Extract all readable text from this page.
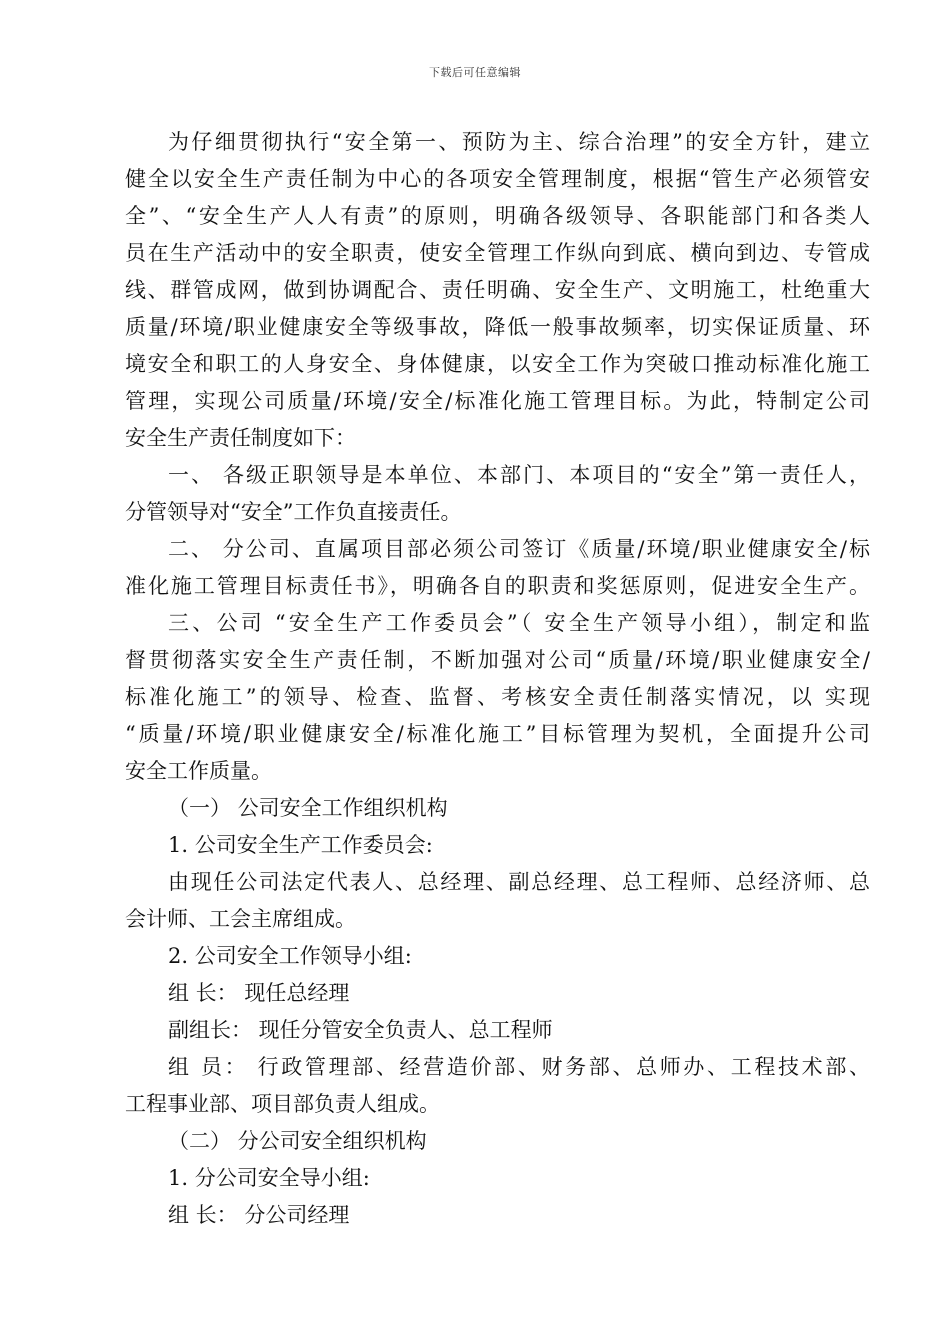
下载后可任意编辑
为仔细贯彻执行“安全第一、预防为主、综合治理”的安全方针，建立
健全以安全生产责任制为中心的各项安全管理制度，根据“管生产必须管安
全”、“安全生产人人有责”的原则，明确各级领导、各职能部门和各类人
员在生产活动中的安全职责，使安全管理工作纵向到底、横向到边、专管成
线、群管成网，做到协调配合、责任明确、安全生产、文明施工，杜绝重大
质量/环境/职业健康安全等级事故，降低一般事故频率，切实保证质量、环
境安全和职工的人身安全、身体健康，以安全工作为突破口推动标准化施工
管理，实现公司质量/环境/安全/标准化施工管理目标。为此，特制定公司
安全生产责任制度如下：
一、 各级正职领导是本单位、本部门、本项目的“安全”第一责任人，
分管领导对“安全”工作负直接责任。
二、 分公司、直属项目部必须公司签订《质量/环境/职业健康安全/标
准化施工管理目标责任书》，明确各自的职责和奖惩原则，促进安全生产。
三、公司 “安全生产工作委员会”（ 安全生产领导小组），制定和监
督贯彻落实安全生产责任制，不断加强对公司“质量/环境/职业健康安全/
标准化施工”的领导、检查、监督、考核安全责任制落实情况，以 实现
“质量/环境/职业健康安全/标准化施工”目标管理为契机，全面提升公司
安全工作质量。
（一） 公司安全工作组织机构
1. 公司安全生产工作委员会:
由现任公司法定代表人、总经理、副总经理、总工程师、总经济师、总
会计师、工会主席组成。
2. 公司安全工作领导小组:
组 长： 现任总经理
副组长： 现任分管安全负责人、总工程师
组 员： 行政管理部、经营造价部、财务部、总师办、工程技术部、
工程事业部、项目部负责人组成。
（二） 分公司安全组织机构
1. 分公司安全导小组:
组 长： 分公司经理
